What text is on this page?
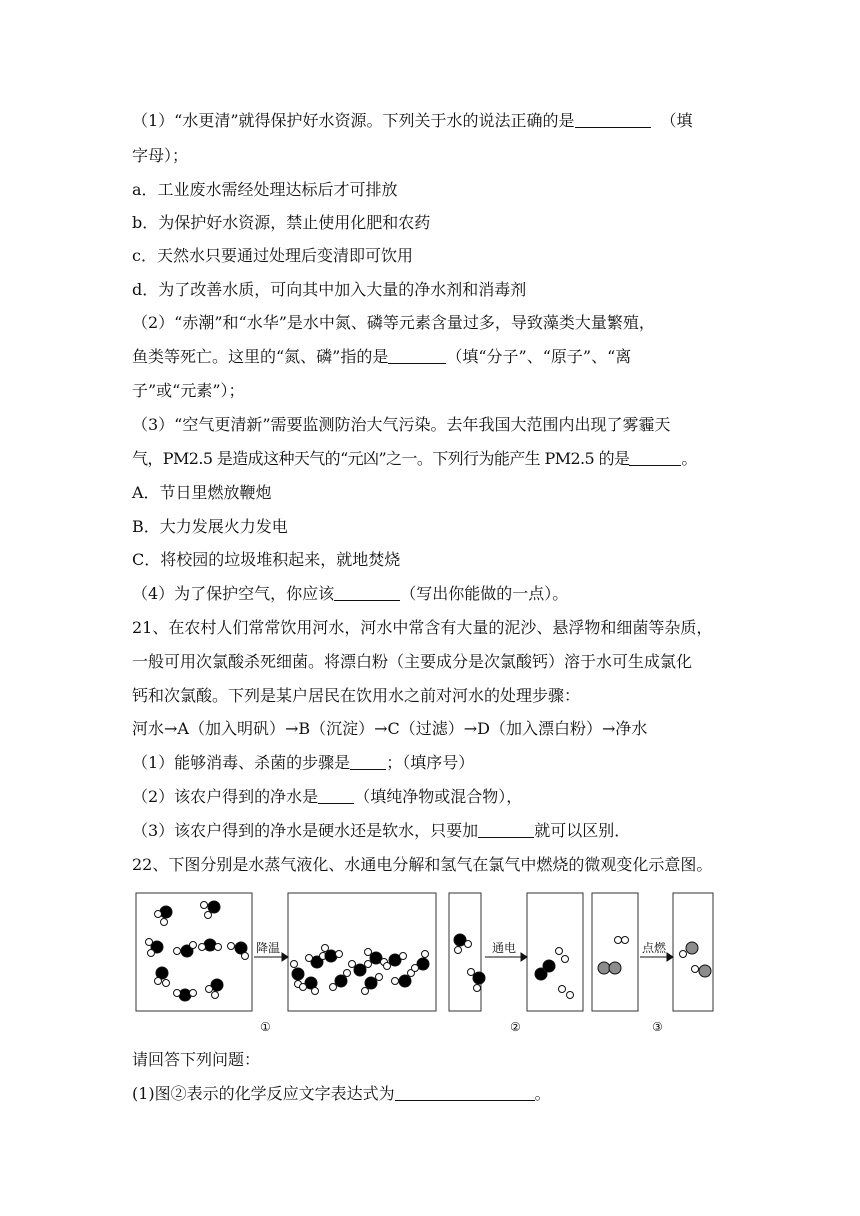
（1）“水更清”就得保护好水资源。下列关于水的说法正确的是	（填
字母）；
a．工业废水需经处理达标后才可排放
b．为保护好水资源，禁止使用化肥和农药
c．天然水只要通过处理后变清即可饮用
d．为了改善水质，可向其中加入大量的净水剂和消毒剂
（2）“赤潮”和“水华”是水中氮、磷等元素含量过多，导致藻类大量繁殖，
鱼类等死亡。这里的“氮、磷”指的是	（填“分子”、“原子”、“离
子”或“元素”）；
（3）“空气更清新”需要监测防治大气污染。去年我国大范围内出现了雾霾天
气，PM2.5 是造成这种天气的“元凶”之一。下列行为能产生 PM2.5 的是	。
A．节日里燃放鞭炮
B．大力发展火力发电
C．将校园的垃圾堆积起来，就地焚烧
（4）为了保护空气，你应该	（写出你能做的一点）。
21、在农村人们常常饮用河水，河水中常含有大量的泥沙、悬浮物和细菌等杂质，
一般可用次氯酸杀死细菌。将漂白粉（主要成分是次氯酸钙）溶于水可生成氯化
钙和次氯酸。下列是某户居民在饮用水之前对河水的处理步骤：
河水→A（加入明矾）→B（沉淀）→C（过滤）→D（加入漂白粉）→净水
（1）能够消毒、杀菌的步骤是 ；（填序号）
（2）该农户得到的净水是 （填纯净物或混合物），
（3）该农户得到的净水是硬水还是软水，只要加	就可以区别．
22、下图分别是水蒸气液化、水通电分解和氢气在氯气中燃烧的微观变化示意图。
降温	通电	点燃
①	②	③
请回答下列问题：
(1)图②表示的化学反应文字表达式为	。
